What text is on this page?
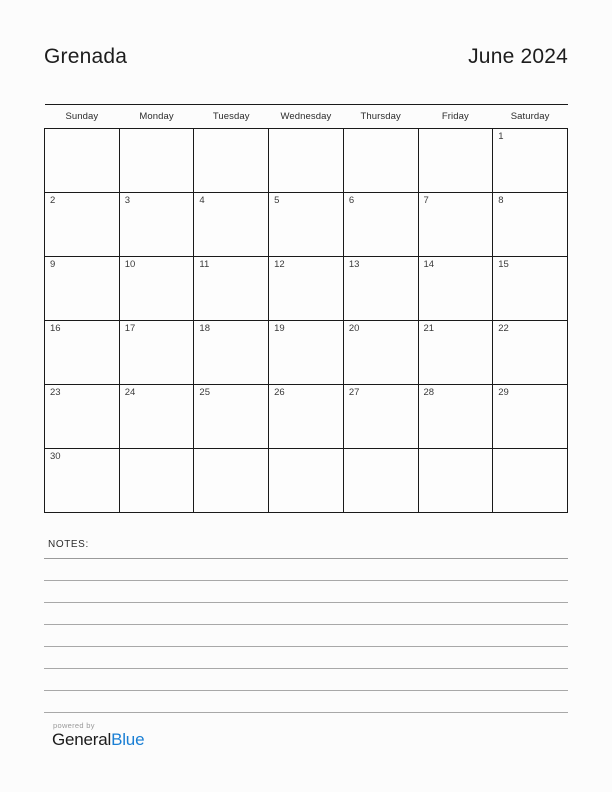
Grenada	June 2024
Sunday	Monday	Tuesday	Wednesday	Thursday	Friday	Saturday

						1

2	3	4	5	6	7	8

9	10	11	12	13	14	15

16	17	18	19	20	21	22

23	24	25	26	27	28	29

30						

NOTES:
powered by
GeneralBlue
